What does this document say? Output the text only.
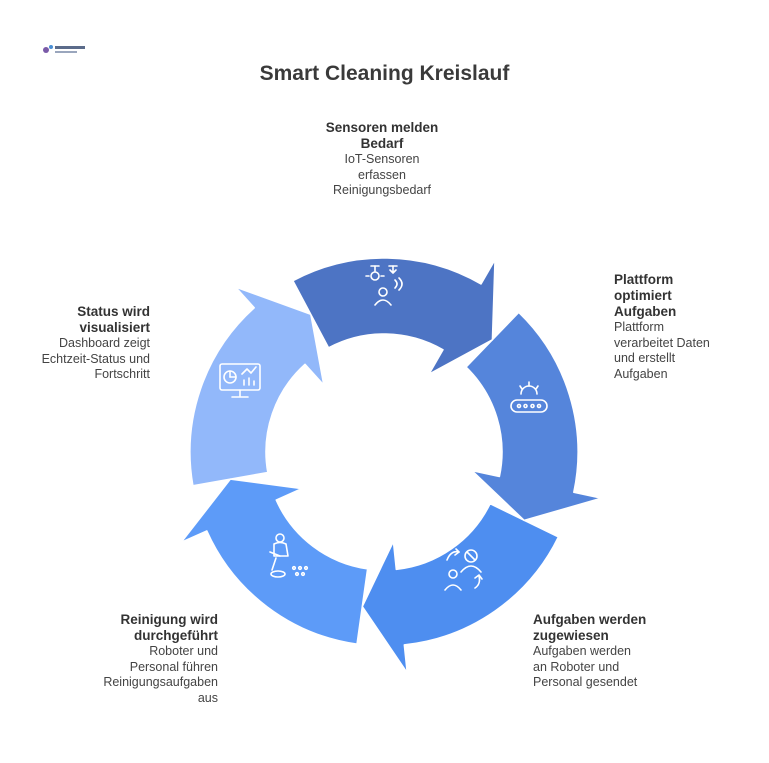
Smart Cleaning Kreislauf
Sensoren melden
Bedarf
IoT-Sensoren
erfassen
Reinigungsbedarf
Plattform
optimiert
Aufgaben
Plattform
verarbeitet Daten
und erstellt
Aufgaben
Aufgaben werden
zugewiesen
Aufgaben werden
an Roboter und
Personal gesendet
Reinigung wird
durchgeführt
Roboter und
Personal führen
Reinigungsaufgaben
aus
Status wird
visualisiert
Dashboard zeigt
Echtzeit-Status und
Fortschritt
